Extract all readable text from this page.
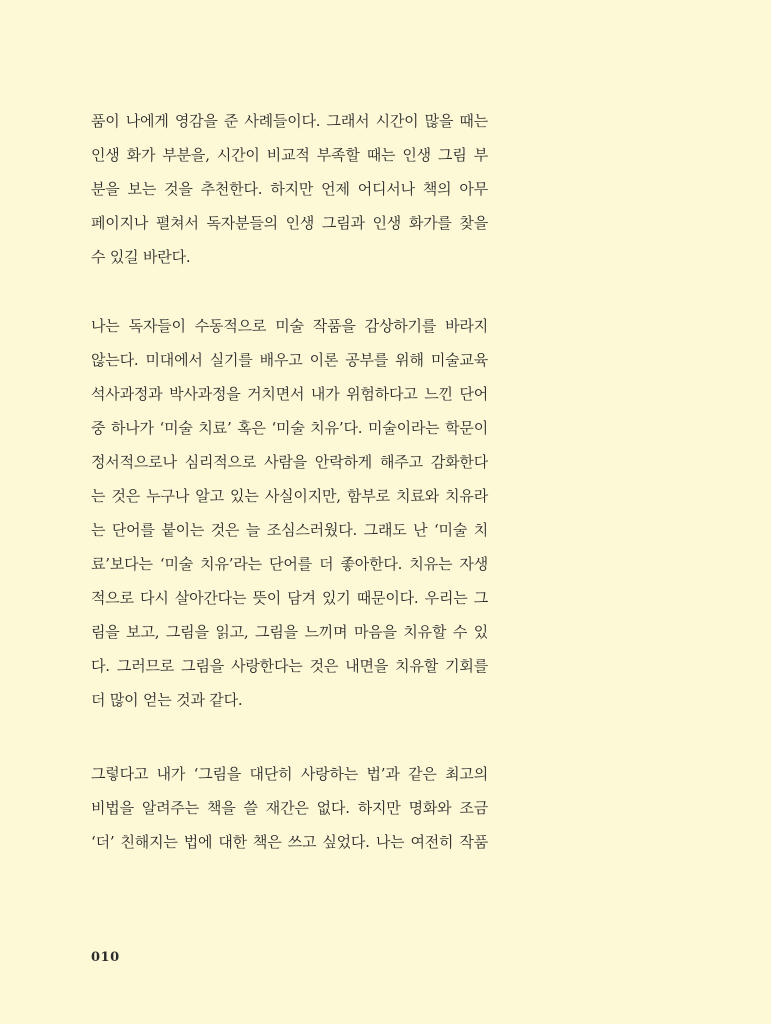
품이 나에게 영감을 준 사례들이다. 그래서 시간이 많을 때는
인생 화가 부분을, 시간이 비교적 부족할 때는 인생 그림 부
분을 보는 것을 추천한다. 하지만 언제 어디서나 책의 아무
페이지나 펼쳐서 독자분들의 인생 그림과 인생 화가를 찾을
수 있길 바란다.
나는 독자들이 수동적으로 미술 작품을 감상하기를 바라지
않는다. 미대에서 실기를 배우고 이론 공부를 위해 미술교육
석사과정과 박사과정을 거치면서 내가 위험하다고 느낀 단어
중 하나가 ‘미술 치료’ 혹은 ‘미술 치유’다. 미술이라는 학문이
정서적으로나 심리적으로 사람을 안락하게 해주고 감화한다
는 것은 누구나 알고 있는 사실이지만, 함부로 치료와 치유라
는 단어를 붙이는 것은 늘 조심스러웠다. 그래도 난 ‘미술 치
료’보다는 ‘미술 치유’라는 단어를 더 좋아한다. 치유는 자생
적으로 다시 살아간다는 뜻이 담겨 있기 때문이다. 우리는 그
림을 보고, 그림을 읽고, 그림을 느끼며 마음을 치유할 수 있
다. 그러므로 그림을 사랑한다는 것은 내면을 치유할 기회를
더 많이 얻는 것과 같다.
그렇다고 내가 ‘그림을 대단히 사랑하는 법’과 같은 최고의
비법을 알려주는 책을 쓸 재간은 없다. 하지만 명화와 조금
‘더’ 친해지는 법에 대한 책은 쓰고 싶었다. 나는 여전히 작품
010
